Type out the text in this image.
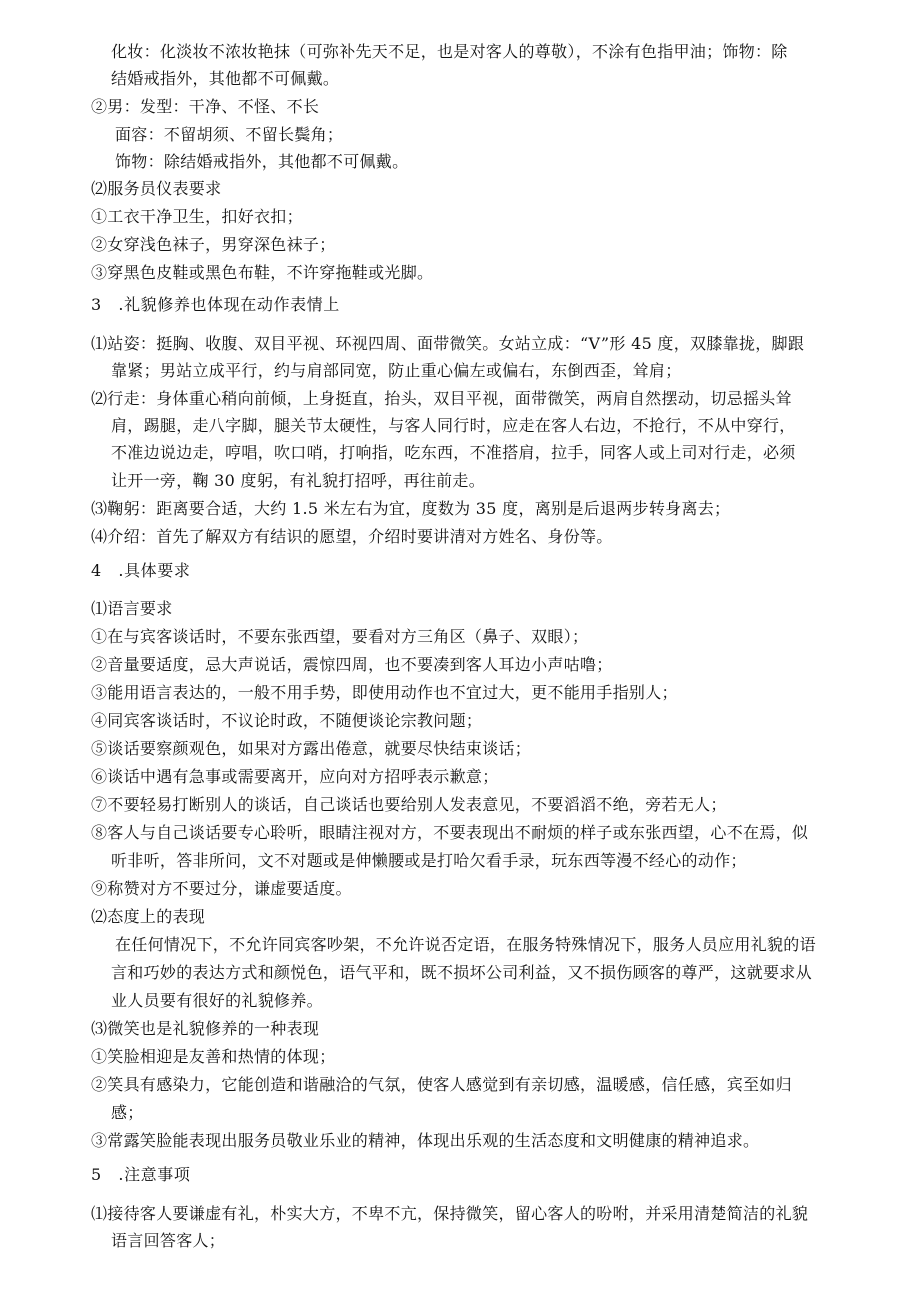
化妆：化淡妆不浓妆艳抹（可弥补先天不足，也是对客人的尊敬），不涂有色指甲油；饰物：除
结婚戒指外，其他都不可佩戴。
②男：发型：干净、不怪、不长
面容：不留胡须、不留长鬓角；
饰物：除结婚戒指外，其他都不可佩戴。
⑵服务员仪表要求
①工衣干净卫生，扣好衣扣；
②女穿浅色袜子，男穿深色袜子；
③穿黑色皮鞋或黑色布鞋，不许穿拖鞋或光脚。
3　.礼貌修养也体现在动作表情上
⑴站姿：挺胸、收腹、双目平视、环视四周、面带微笑。女站立成：“V”形 45 度，双膝靠拢，脚跟
靠紧；男站立成平行，约与肩部同宽，防止重心偏左或偏右，东倒西歪，耸肩；
⑵行走：身体重心稍向前倾，上身挺直，抬头，双目平视，面带微笑，两肩自然摆动，切忌摇头耸
肩，踢腿，走八字脚，腿关节太硬性，与客人同行时，应走在客人右边，不抢行，不从中穿行，
不准边说边走，哼唱，吹口哨，打响指，吃东西，不准搭肩，拉手，同客人或上司对行走，必须
让开一旁，鞠 30 度躬，有礼貌打招呼，再往前走。
⑶鞠躬：距离要合适，大约 1.5 米左右为宜，度数为 35 度，离别是后退两步转身离去；
⑷介绍：首先了解双方有结识的愿望，介绍时要讲清对方姓名、身份等。
4　.具体要求
⑴语言要求
①在与宾客谈话时，不要东张西望，要看对方三角区（鼻子、双眼）；
②音量要适度，忌大声说话，震惊四周，也不要凑到客人耳边小声咕噜；
③能用语言表达的，一般不用手势，即使用动作也不宜过大，更不能用手指别人；
④同宾客谈话时，不议论时政，不随便谈论宗教问题；
⑤谈话要察颜观色，如果对方露出倦意，就要尽快结束谈话；
⑥谈话中遇有急事或需要离开，应向对方招呼表示歉意；
⑦不要轻易打断别人的谈话，自己谈话也要给别人发表意见，不要滔滔不绝，旁若无人；
⑧客人与自己谈话要专心聆听，眼睛注视对方，不要表现出不耐烦的样子或东张西望，心不在焉，似
听非听，答非所问，文不对题或是伸懒腰或是打哈欠看手录，玩东西等漫不经心的动作；
⑨称赞对方不要过分，谦虚要适度。
⑵态度上的表现
在任何情况下，不允许同宾客吵架，不允许说否定语，在服务特殊情况下，服务人员应用礼貌的语
言和巧妙的表达方式和颜悦色，语气平和，既不损坏公司利益，又不损伤顾客的尊严，这就要求从
业人员要有很好的礼貌修养。
⑶微笑也是礼貌修养的一种表现
①笑脸相迎是友善和热情的体现；
②笑具有感染力，它能创造和谐融洽的气氛，使客人感觉到有亲切感，温暖感，信任感，宾至如归
感；
③常露笑脸能表现出服务员敬业乐业的精神，体现出乐观的生活态度和文明健康的精神追求。
5　.注意事项
⑴接待客人要谦虚有礼，朴实大方，不卑不亢，保持微笑，留心客人的吩咐，并采用清楚简洁的礼貌
语言回答客人；
